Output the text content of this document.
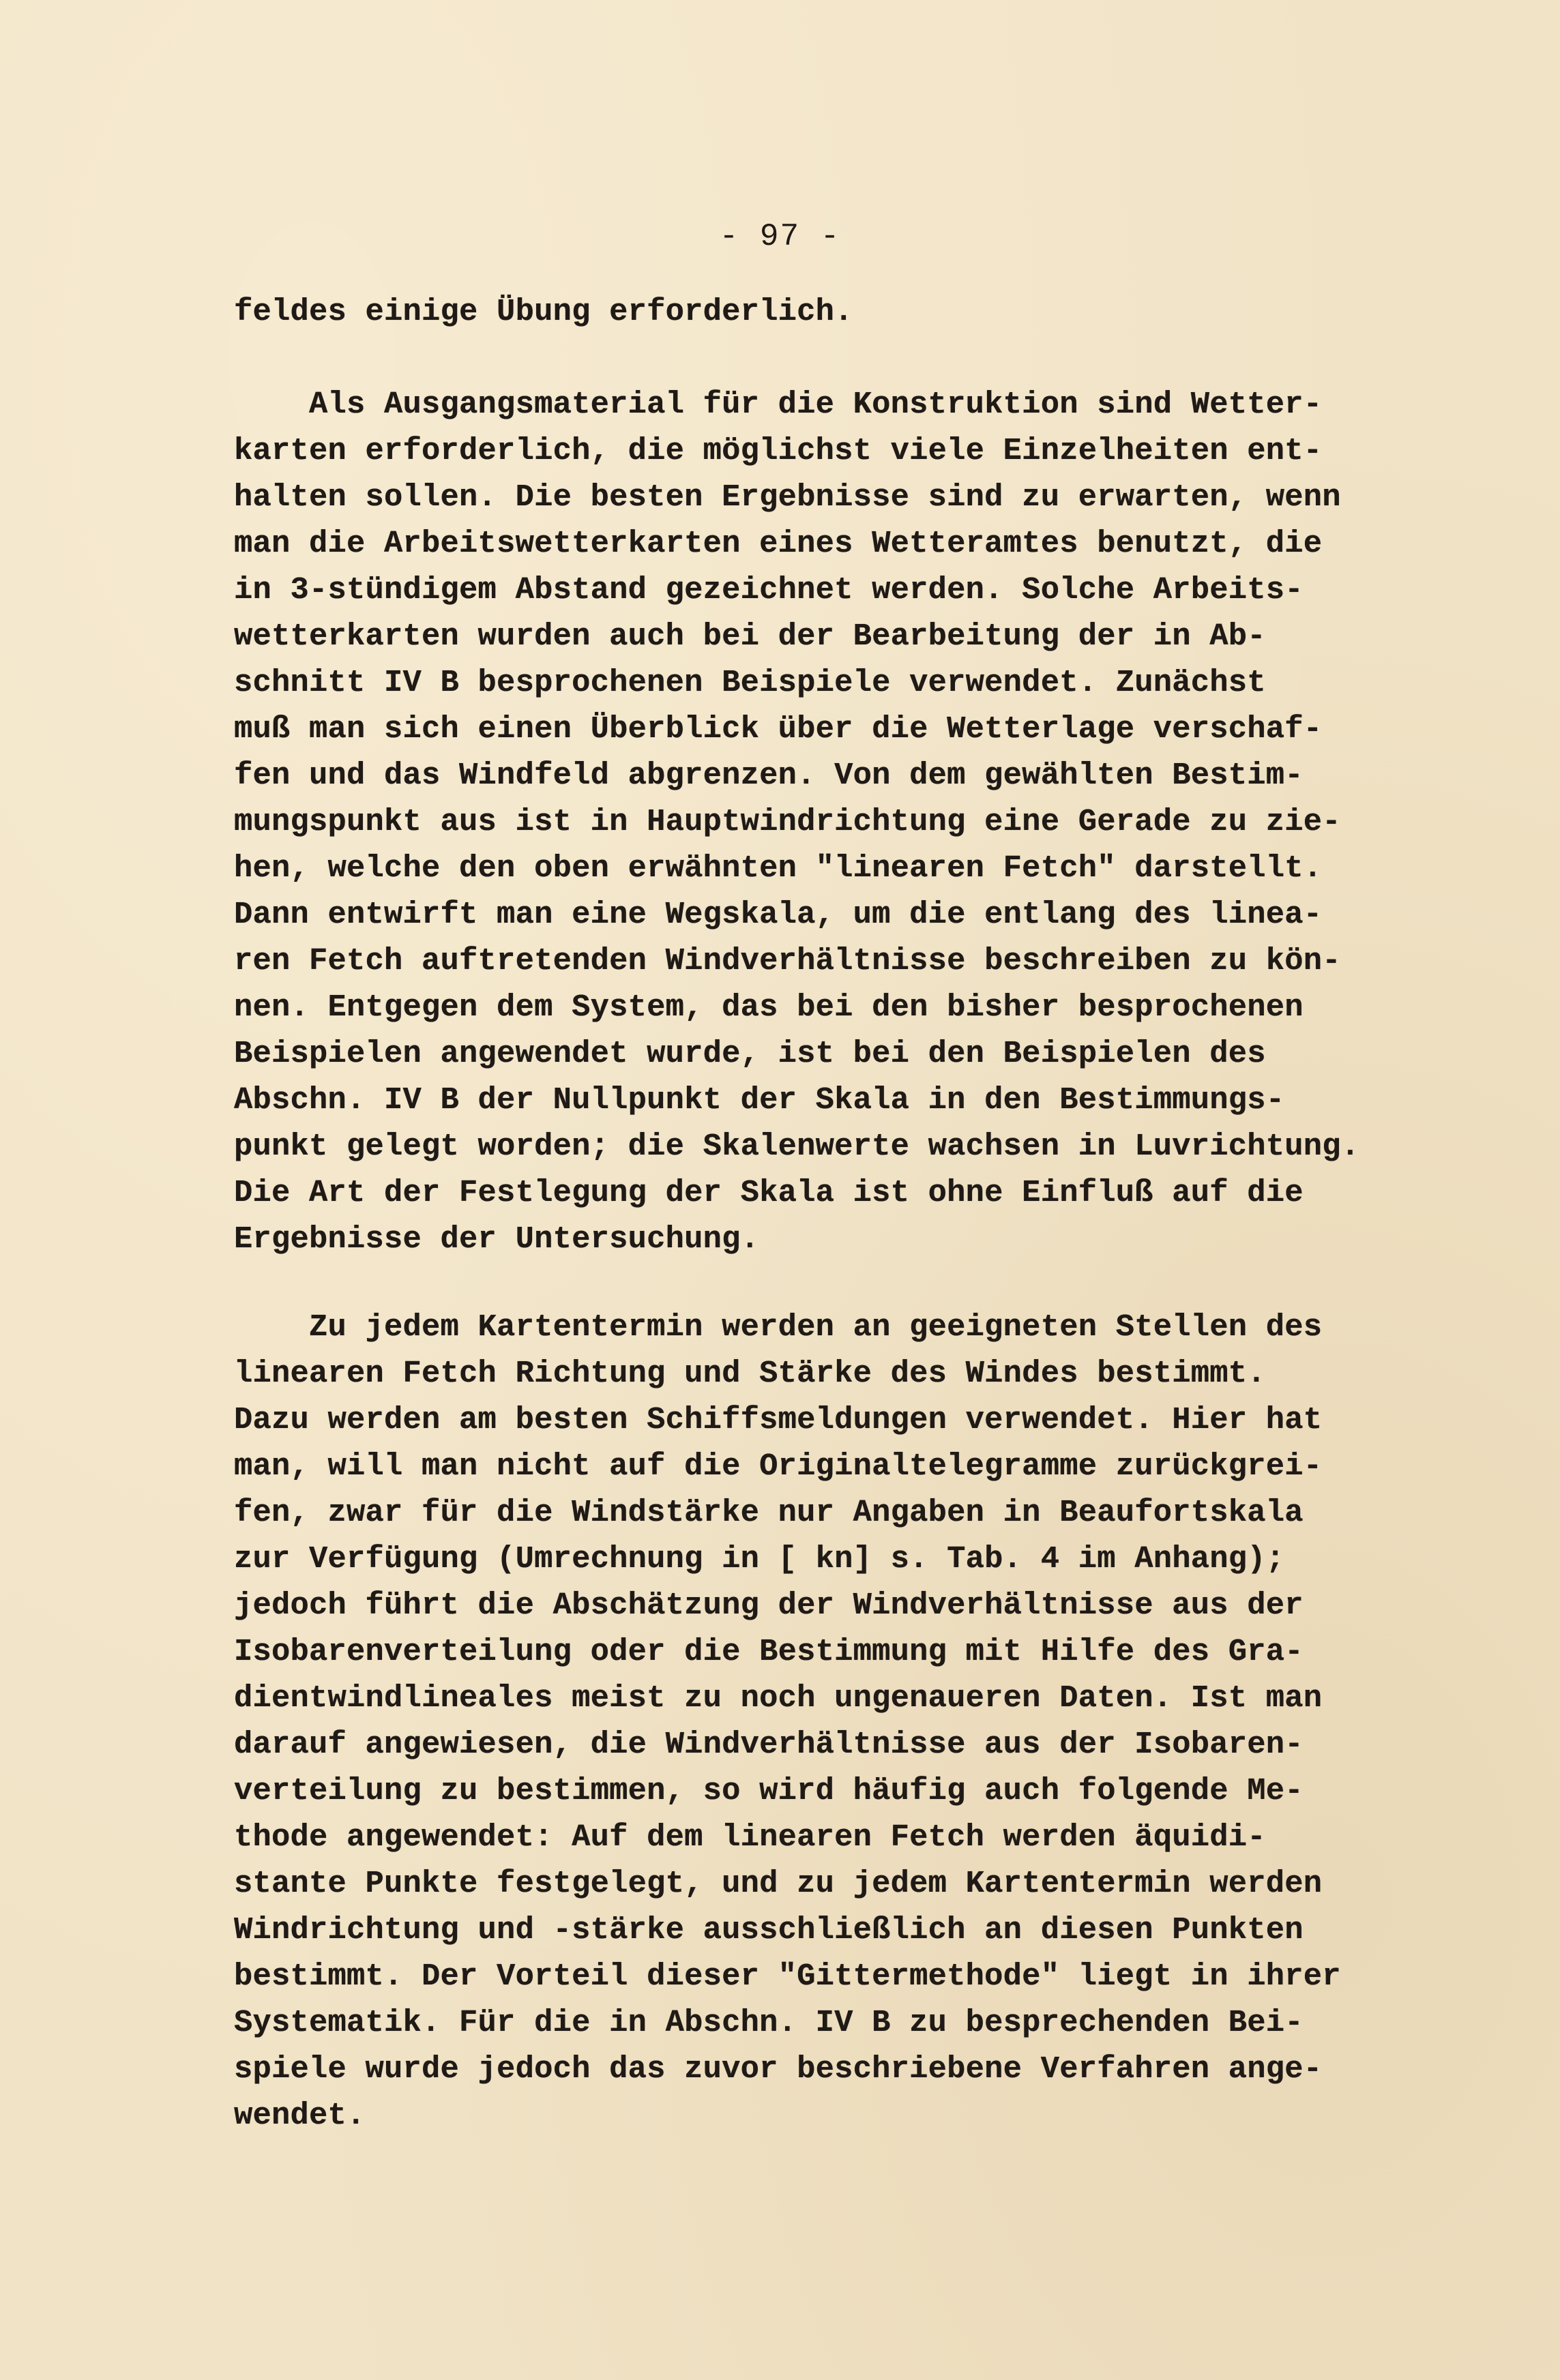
- 97 -
feldes einige Übung erforderlich.
Als Ausgangsmaterial für die Konstruktion sind Wetter-
karten erforderlich, die möglichst viele Einzelheiten ent-
halten sollen. Die besten Ergebnisse sind zu erwarten, wenn
man die Arbeitswetterkarten eines Wetteramtes benutzt, die
in 3-stündigem Abstand gezeichnet werden. Solche Arbeits-
wetterkarten wurden auch bei der Bearbeitung der in Ab-
schnitt IV B besprochenen Beispiele verwendet. Zunächst
muß man sich einen Überblick über die Wetterlage verschaf-
fen und das Windfeld abgrenzen. Von dem gewählten Bestim-
mungspunkt aus ist in Hauptwindrichtung eine Gerade zu zie-
hen, welche den oben erwähnten "linearen Fetch" darstellt.
Dann entwirft man eine Wegskala, um die entlang des linea-
ren Fetch auftretenden Windverhältnisse beschreiben zu kön-
nen. Entgegen dem System, das bei den bisher besprochenen
Beispielen angewendet wurde, ist bei den Beispielen des
Abschn. IV B der Nullpunkt der Skala in den Bestimmungs-
punkt gelegt worden; die Skalenwerte wachsen in Luvrichtung.
Die Art der Festlegung der Skala ist ohne Einfluß auf die
Ergebnisse der Untersuchung.
Zu jedem Kartentermin werden an geeigneten Stellen des
linearen Fetch Richtung und Stärke des Windes bestimmt.
Dazu werden am besten Schiffsmeldungen verwendet. Hier hat
man, will man nicht auf die Originaltelegramme zurückgrei-
fen, zwar für die Windstärke nur Angaben in Beaufortskala
zur Verfügung (Umrechnung in [ kn] s. Tab. 4 im Anhang);
jedoch führt die Abschätzung der Windverhältnisse aus der
Isobarenverteilung oder die Bestimmung mit Hilfe des Gra-
dientwindlineales meist zu noch ungenaueren Daten. Ist man
darauf angewiesen, die Windverhältnisse aus der Isobaren-
verteilung zu bestimmen, so wird häufig auch folgende Me-
thode angewendet: Auf dem linearen Fetch werden äquidi-
stante Punkte festgelegt, und zu jedem Kartentermin werden
Windrichtung und -stärke ausschließlich an diesen Punkten
bestimmt. Der Vorteil dieser "Gittermethode" liegt in ihrer
Systematik. Für die in Abschn. IV B zu besprechenden Bei-
spiele wurde jedoch das zuvor beschriebene Verfahren ange-
wendet.
